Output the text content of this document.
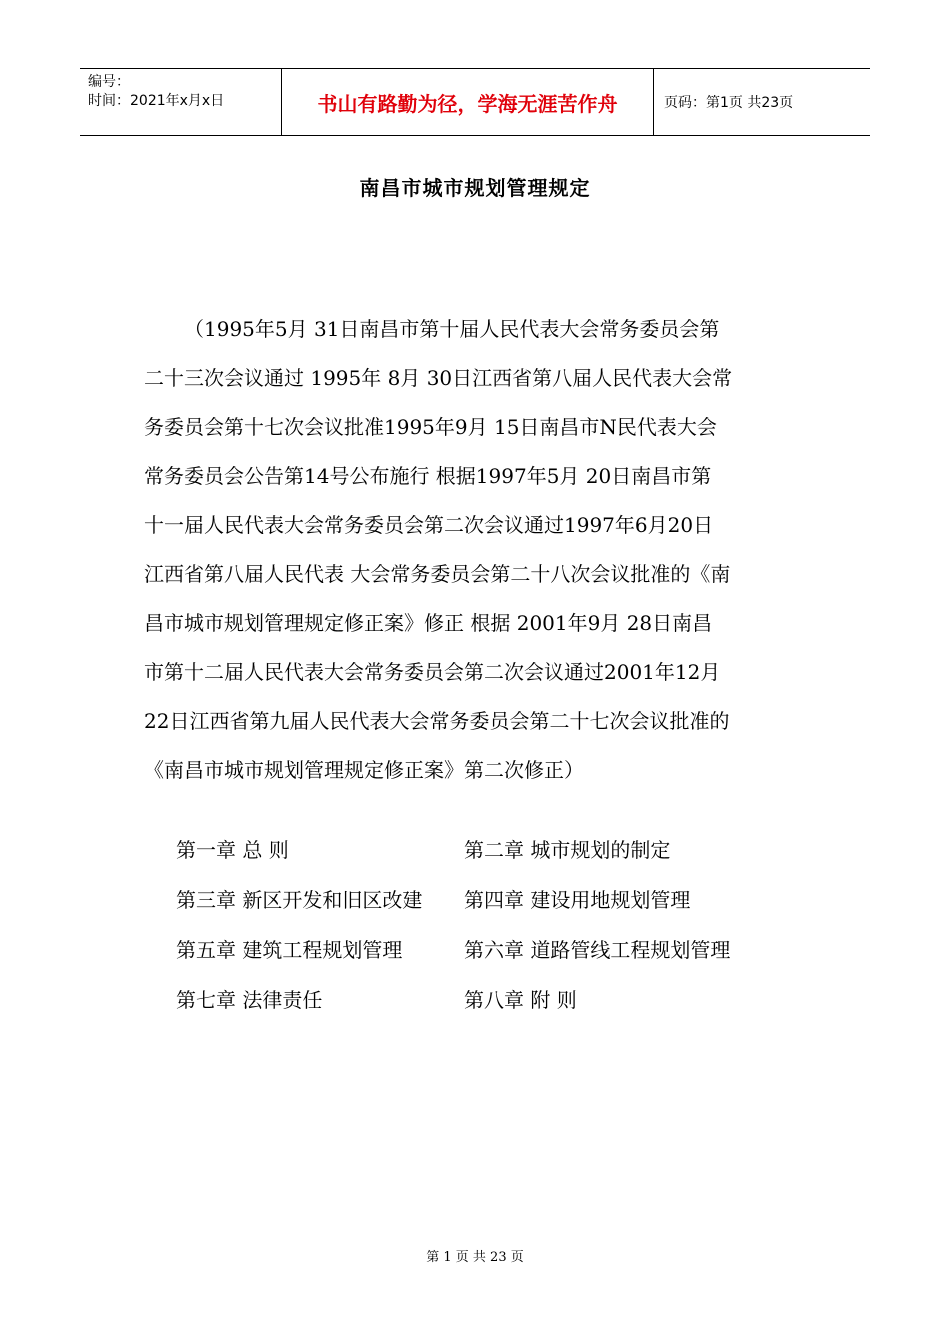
编号：
时间：2021年x月x日	书山有路勤为径，学海无涯苦作舟	页码：第1页 共23页
南昌市城市规划管理规定
（1995年5月 31日南昌市第十届人民代表大会常务委员会第
二十三次会议通过 1995年 8月 30日江西省第八届人民代表大会常
务委员会第十七次会议批准1995年9月 15日南昌市N民代表大会
常务委员会公告第14号公布施行 根据1997年5月 20日南昌市第
十一届人民代表大会常务委员会第二次会议通过1997年6月20日
江西省第八届人民代表 大会常务委员会第二十八次会议批准的《南
昌市城市规划管理规定修正案》修正 根据 2001年9月 28日南昌
市第十二届人民代表大会常务委员会第二次会议通过2001年12月
22日江西省第九届人民代表大会常务委员会第二十七次会议批准的
《南昌市城市规划管理规定修正案》第二次修正）
第一章 总 则	第二章 城市规划的制定
第三章 新区开发和旧区改建	第四章 建设用地规划管理
第五章 建筑工程规划管理	第六章 道路管线工程规划管理
第七章 法律责任	第八章 附 则
第 1 页 共 23 页
